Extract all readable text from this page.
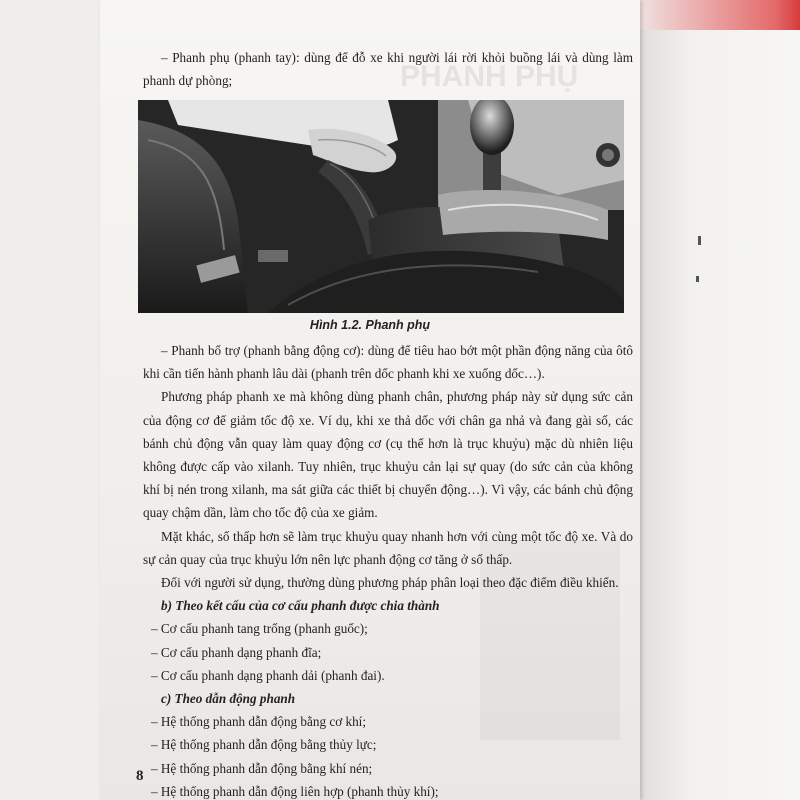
PHANH PHỤ

– Phanh phụ (phanh tay): dùng để đỗ xe khi người lái rời khỏi buồng lái và dùng làm phanh dự phòng;

Hình 1.2. Phanh phụ

– Phanh bổ trợ (phanh bằng động cơ): dùng để tiêu hao bớt một phần động năng của ôtô khi cần tiến hành phanh lâu dài (phanh trên dốc phanh khi xe xuống dốc…).

Phương pháp phanh xe mà không dùng phanh chân, phương pháp này sử dụng sức cản của động cơ để giảm tốc độ xe. Ví dụ, khi xe thả dốc với chân ga nhả và đang gài số, các bánh chủ động vẫn quay làm quay động cơ (cụ thể hơn là trục khuỷu) mặc dù nhiên liệu không được cấp vào xilanh. Tuy nhiên, trục khuỷu cản lại sự quay (do sức cản của không khí bị nén trong xilanh, ma sát giữa các thiết bị chuyển động…). Vì vậy, các bánh chủ động quay chậm dần, làm cho tốc độ của xe giảm.

Mặt khác, số thấp hơn sẽ làm trục khuỷu quay nhanh hơn với cùng một tốc độ xe. Và do sự cản quay của trục khuỷu lớn nên lực phanh động cơ tăng ở số thấp.

Đối với người sử dụng, thường dùng phương pháp phân loại theo đặc điểm điều khiển.

b) Theo kết cấu của cơ cấu phanh được chia thành
– Cơ cấu phanh tang trống (phanh guốc);
– Cơ cấu phanh dạng phanh đĩa;
– Cơ cấu phanh dạng phanh dải (phanh đai).
c) Theo dẫn động phanh
– Hệ thống phanh dẫn động bằng cơ khí;
– Hệ thống phanh dẫn động bằng thủy lực;
– Hệ thống phanh dẫn động bằng khí nén;
– Hệ thống phanh dẫn động liên hợp (phanh thủy khí);
8
